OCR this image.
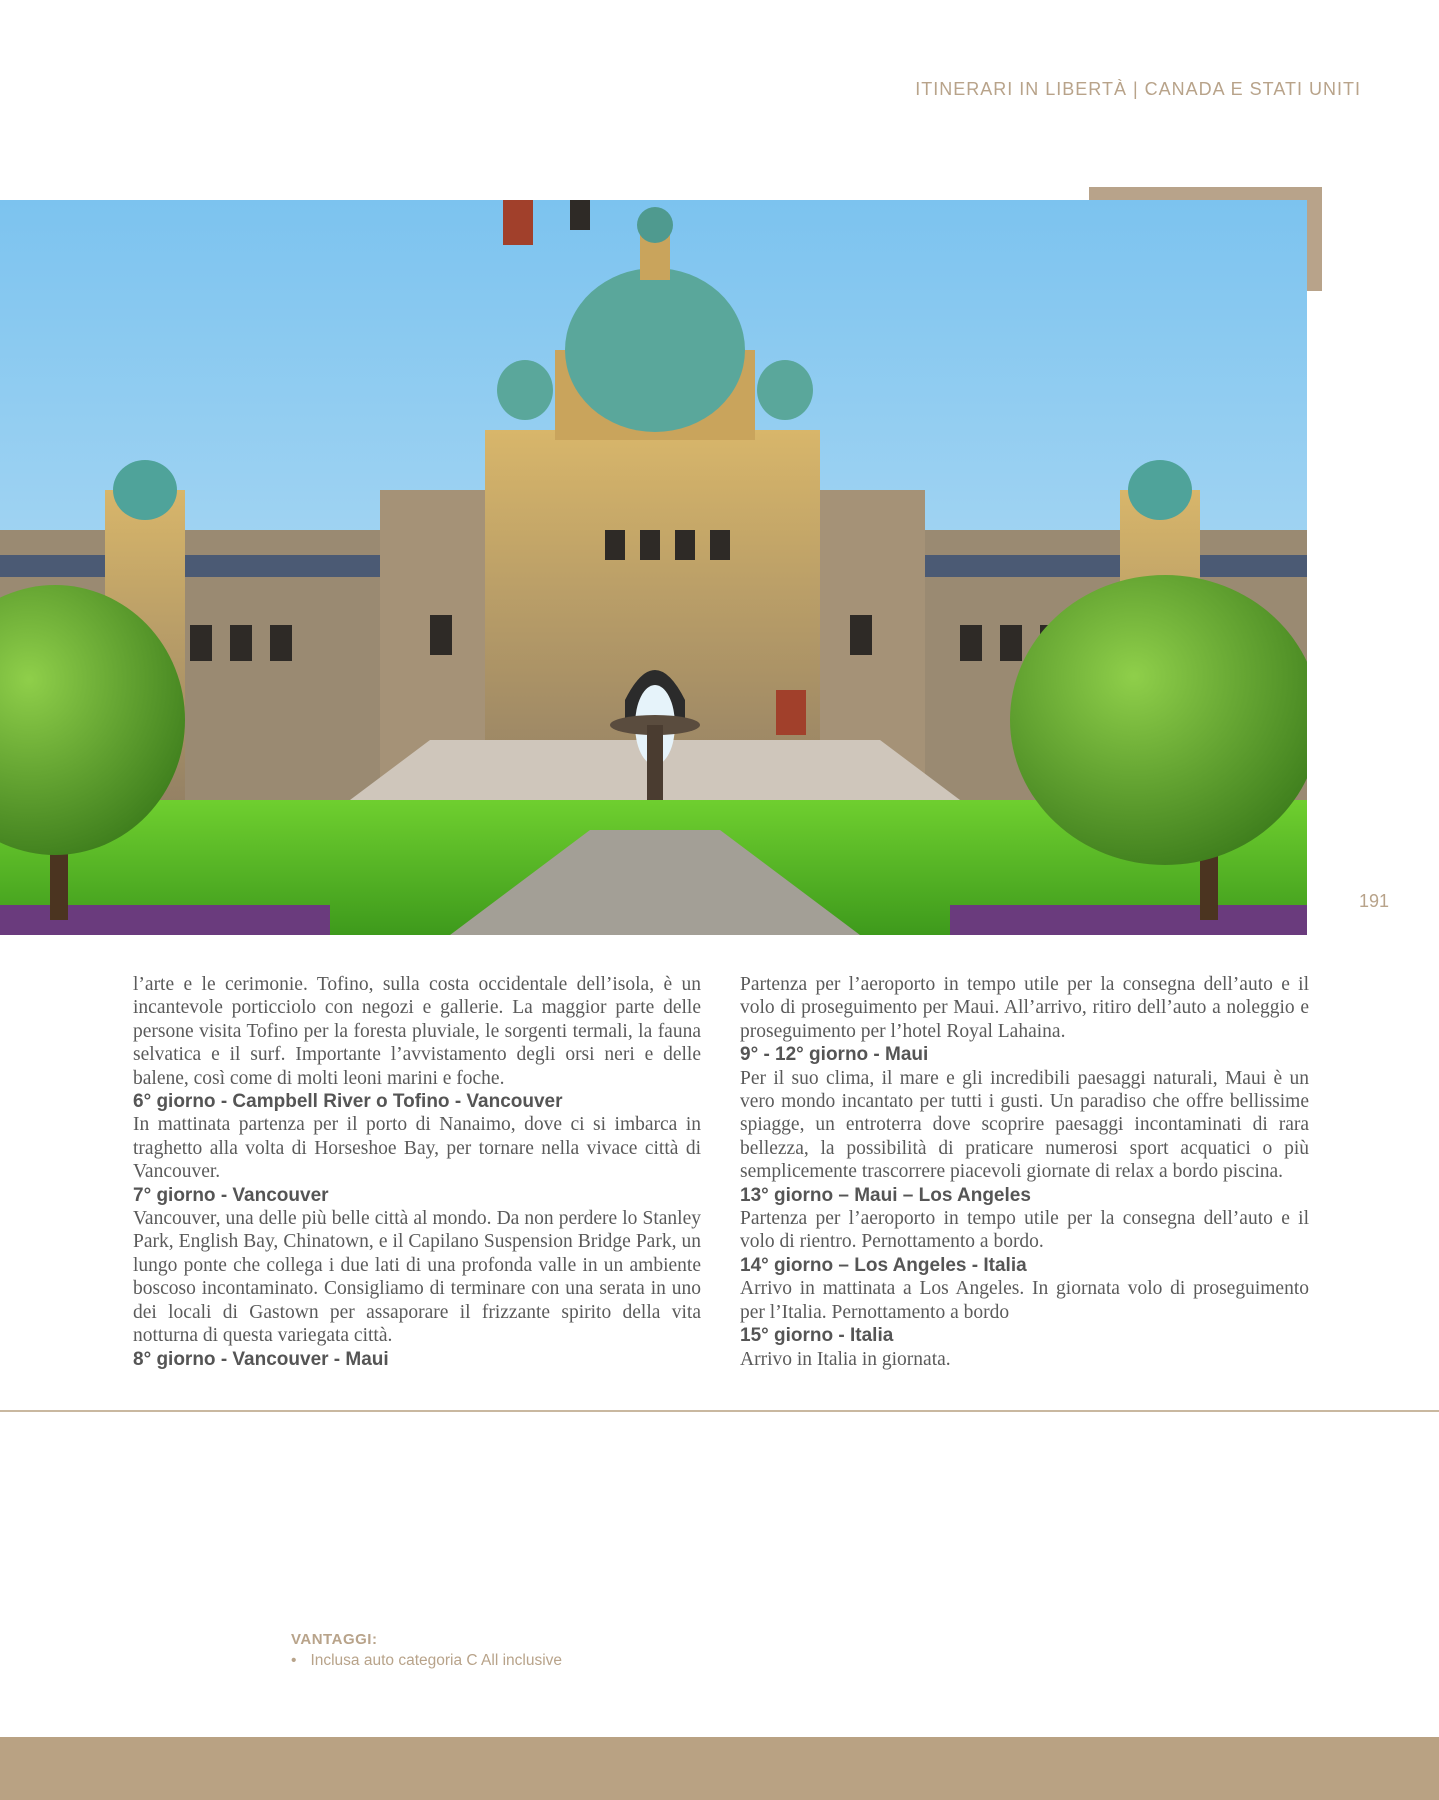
ITINERARI IN LIBERTÀ | CANADA E STATI UNITI
191

l’arte e le cerimonie. Tofino, sulla costa occidentale dell’isola, è un incantevole porticciolo con negozi e gallerie. La maggior parte delle persone visita Tofino per la foresta pluviale, le sorgenti termali, la fauna selvatica e il surf. Importante l’avvistamento degli orsi neri e delle balene, così come di molti leoni marini e foche.

6° giorno - Campbell River o Tofino - Vancouver

In mattinata partenza per il porto di Nanaimo, dove ci si imbarca in traghetto alla volta di Horseshoe Bay, per tornare nella vivace città di Vancouver.

7° giorno - Vancouver

Vancouver, una delle più belle città al mondo. Da non perdere lo Stanley Park, English Bay, Chinatown, e il Capilano Suspension Bridge Park, un lungo ponte che collega i due lati di una profonda valle in un ambiente boscoso incontaminato. Consigliamo di terminare con una serata in uno dei locali di Gastown per assaporare il frizzante spirito della vita notturna di questa variegata città.

8° giorno - Vancouver - Maui

Partenza per l’aeroporto in tempo utile per la consegna dell’auto e il volo di proseguimento per Maui. All’arrivo, ritiro dell’auto a noleggio e proseguimento per l’hotel Royal Lahaina.

9° - 12° giorno - Maui

Per il suo clima, il mare e gli incredibili paesaggi naturali, Maui è un vero mondo incantato per tutti i gusti. Un paradiso che offre bellissime spiagge, un entroterra dove scoprire paesaggi incontaminati di rara bellezza, la possibilità di praticare numerosi sport acquatici o più semplicemente trascorrere piacevoli giornate di relax a bordo piscina.

13° giorno – Maui – Los Angeles

Partenza per l’aeroporto in tempo utile per la consegna dell’auto e il volo di rientro. Pernottamento a bordo.

14° giorno – Los Angeles - Italia

Arrivo in mattinata a Los Angeles. In giornata volo di proseguimento per l’Italia. Pernottamento a bordo

15° giorno - Italia

Arrivo in Italia in giornata.

VANTAGGI:
• Inclusa auto categoria C All inclusive
